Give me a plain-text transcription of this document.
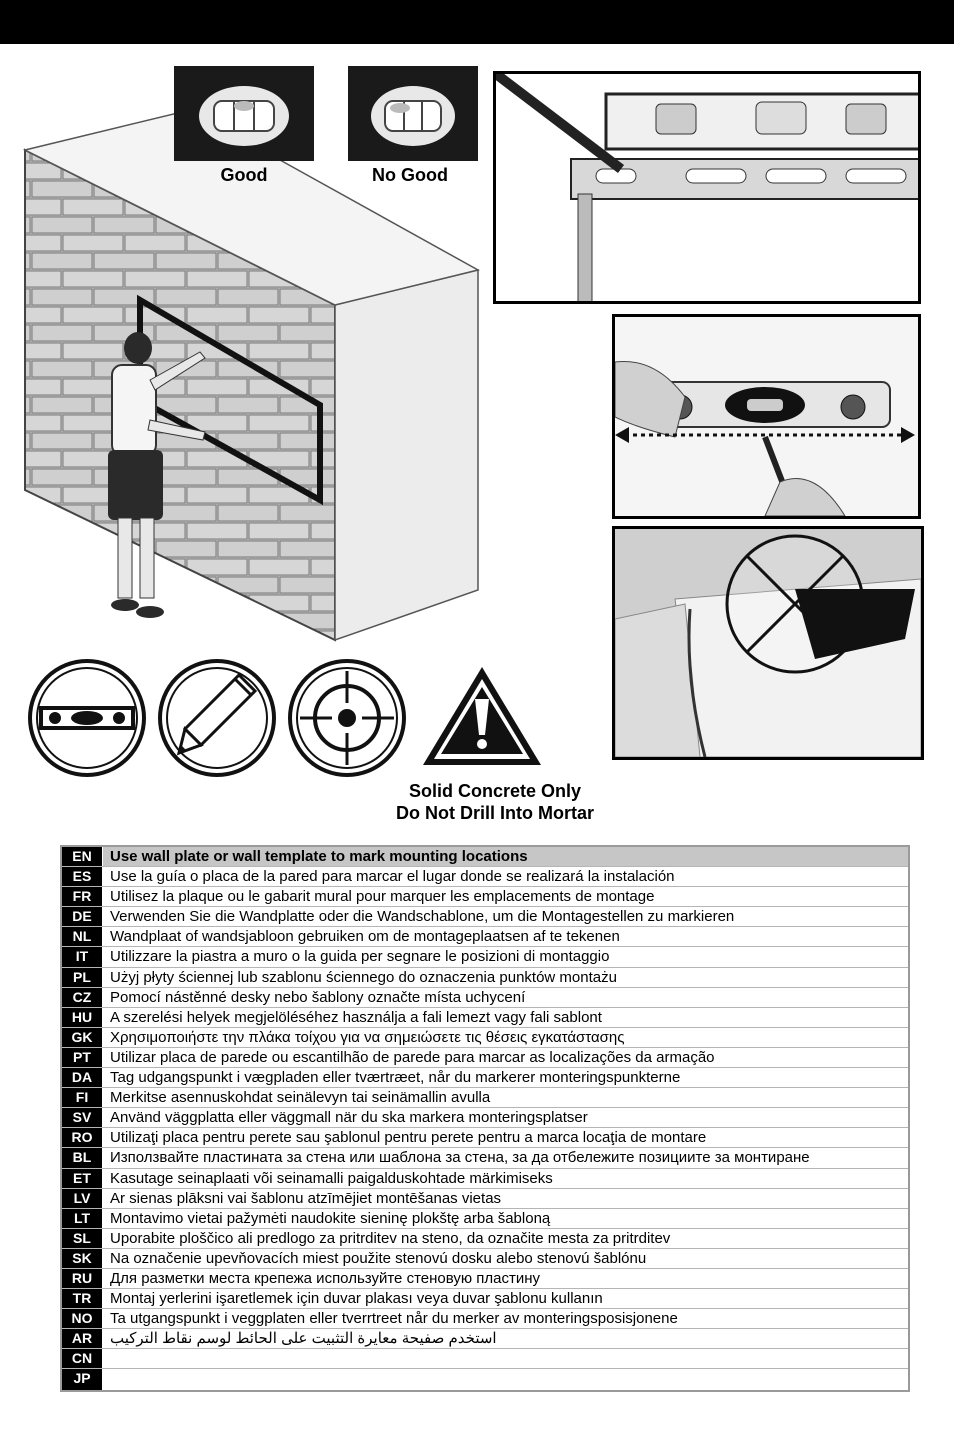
Good	No Good
Solid Concrete Only
Do Not Drill Into Mortar
EN	Use wall plate or wall template to mark mounting locations
ES	Use la guía o placa de la pared para marcar el lugar donde se realizará la instalación
FR	Utilisez la plaque ou le gabarit mural pour marquer les emplacements de montage
DE	Verwenden Sie die Wandplatte oder die Wandschablone, um die Montagestellen zu markieren
NL	Wandplaat of wandsjabloon gebruiken om de montageplaatsen af te tekenen
IT	Utilizzare la piastra a muro o la guida per segnare le posizioni di montaggio
PL	Użyj płyty ściennej lub szablonu ściennego do oznaczenia punktów montażu
CZ	Pomocí nástěnné desky nebo šablony označte místa uchycení
HU	A szerelési helyek megjelöléséhez használja a fali lemezt vagy fali sablont
GK	Χρησιμοποιήστε την πλάκα τοίχου για να σημειώσετε τις θέσεις εγκατάστασης
PT	Utilizar placa de parede ou escantilhão de parede para marcar as localizações da armação
DA	Tag udgangspunkt i vægpladen eller tværtræet, når du markerer monteringspunkterne
FI	Merkitse asennuskohdat seinälevyn tai seinämallin avulla
SV	Använd väggplatta eller väggmall när du ska markera monteringsplatser
RO	Utilizaţi placa pentru perete sau şablonul pentru perete pentru a marca locaţia de montare
BL	Използвайте пластината за стена или шаблона за стена, за да отбележите позициите за монтиране
ET	Kasutage seinaplaati või seinamalli paigalduskohtade märkimiseks
LV	Ar sienas plāksni vai šablonu atzīmējiet montēšanas vietas
LT	Montavimo vietai pažymėti naudokite sieninę plokštę arba šabloną
SL	Uporabite ploščico ali predlogo za pritrditev na steno, da označite mesta za pritrditev
SK	Na označenie upevňovacích miest použite stenovú dosku alebo stenovú šablónu
RU	Для разметки места крепежа используйте стеновую пластину
TR	Montaj yerlerini işaretlemek için duvar plakası veya duvar şablonu kullanın
NO	Ta utgangspunkt i veggplaten eller tverrtreet når du merker av monteringsposisjonene
AR	استخدم صفيحة معايرة التثبيت على الحائط لوسم نقاط التركيب
CN
JP
